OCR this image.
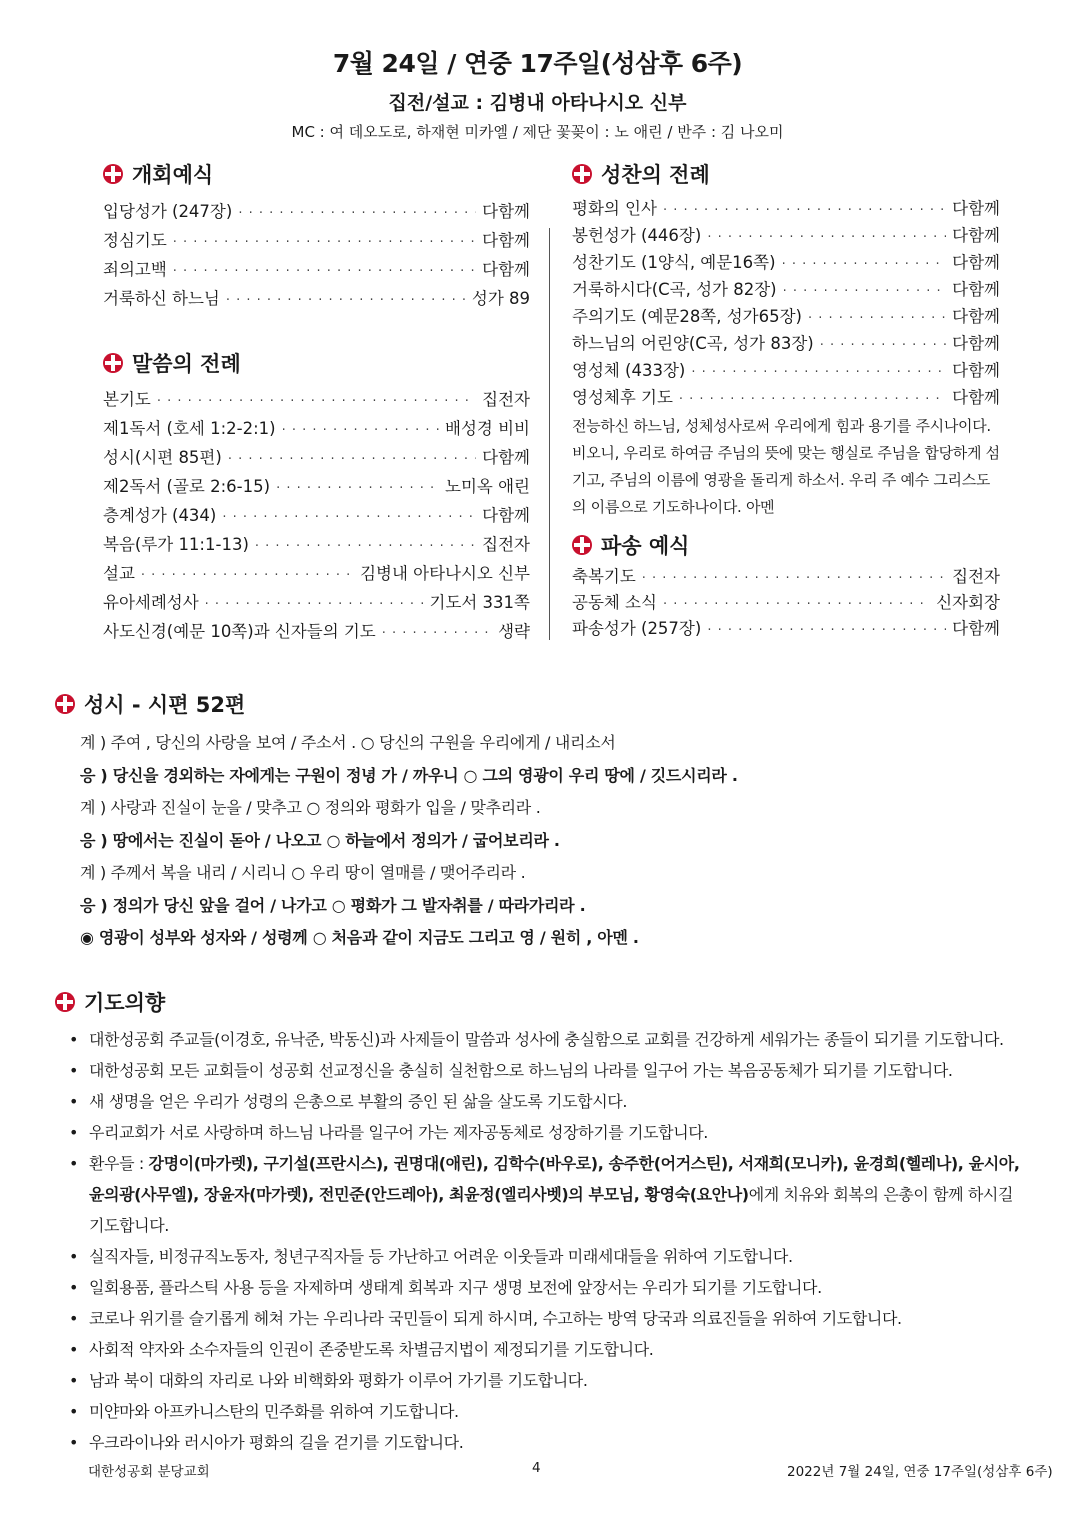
7월 24일 / 연중 17주일(성삼후 6주)
집전/설교 : 김병내 아타나시오 신부
MC : 여 데오도로, 하재현 미카엘 / 제단 꽃꽂이 : 노 애린 / 반주 : 김 나오미
개회예식
입당성가 (247장) · · ·	다함께
정심기도 · · ·	다함께
죄의고백 · · ·	다함께
거룩하신 하느님 · · ·	성가 89
말씀의 전례
본기도 · · ·	집전자
제1독서 (호세 1:2-2:1) · · ·	배성경 비비
성시(시편 85편) · · ·	다함께
제2독서 (골로 2:6-15) · · ·	노미옥 애린
층계성가 (434) · · ·	다함께
복음(루가 11:1-13) · · ·	집전자
설교 · · ·	김병내 아타나시오 신부
유아세례성사 · · ·	기도서 331쪽
사도신경(예문 10쪽)과 신자들의 기도 · · ·	생략
성찬의 전례
평화의 인사 · · ·	다함께
봉헌성가 (446장) · · ·	다함께
성찬기도 (1양식, 예문16쪽) · · ·	다함께
거룩하시다(C곡, 성가 82장) · · ·	다함께
주의기도 (예문28쪽, 성가65장) · · ·	다함께
하느님의 어린양(C곡, 성가 83장) · · ·	다함께
영성체 (433장) · · ·	다함께
영성체후 기도 · · ·	다함께
전능하신 하느님, 성체성사로써 우리에게 힘과 용기를 주시나이다. 비오니, 우리로 하여금 주님의 뜻에 맞는 행실로 주님을 합당하게 섬기고, 주님의 이름에 영광을 돌리게 하소서. 우리 주 예수 그리스도의 이름으로 기도하나이다. 아멘
파송 예식
축복기도 · · ·	집전자
공동체 소식 · · ·	신자회장
파송성가 (257장) · · ·	다함께
성시 - 시편 52편
계 ) 주여 , 당신의 사랑을 보여 / 주소서 . ○ 당신의 구원을 우리에게 / 내리소서
응 ) 당신을 경외하는 자에게는 구원이 정녕 가 / 까우니 ○ 그의 영광이 우리 땅에 / 깃드시리라 .
계 ) 사랑과 진실이 눈을 / 맞추고 ○ 정의와 평화가 입을 / 맞추리라 .
응 ) 땅에서는 진실이 돋아 / 나오고 ○ 하늘에서 정의가 / 굽어보리라 .
계 ) 주께서 복을 내리 / 시리니 ○ 우리 땅이 열매를 / 맺어주리라 .
응 ) 정의가 당신 앞을 걸어 / 나가고 ○ 평화가 그 발자취를 / 따라가리라 .
◉ 영광이 성부와 성자와 / 성령께 ○ 처음과 같이 지금도 그리고 영 / 원히 , 아멘 .
기도의향
• 대한성공회 주교들(이경호, 유낙준, 박동신)과 사제들이 말씀과 성사에 충실함으로 교회를 건강하게 세워가는 종들이 되기를 기도합니다.
• 대한성공회 모든 교회들이 성공회 선교정신을 충실히 실천함으로 하느님의 나라를 일구어 가는 복음공동체가 되기를 기도합니다.
• 새 생명을 얻은 우리가 성령의 은총으로 부활의 증인 된 삶을 살도록 기도합시다.
• 우리교회가 서로 사랑하며 하느님 나라를 일구어 가는 제자공동체로 성장하기를 기도합니다.
• 환우들 : 강명이(마가렛), 구기설(프란시스), 권명대(애린), 김학수(바우로), 송주한(어거스틴), 서재희(모니카), 윤경희(헬레나), 윤시아, 윤의광(사무엘), 장윤자(마가렛), 전민준(안드레아), 최윤정(엘리사벳)의 부모님, 황영숙(요안나)에게 치유와 회복의 은총이 함께 하시길 기도합니다.
• 실직자들, 비정규직노동자, 청년구직자들 등 가난하고 어려운 이웃들과 미래세대들을 위하여 기도합니다.
• 일회용품, 플라스틱 사용 등을 자제하며 생태계 회복과 지구 생명 보전에 앞장서는 우리가 되기를 기도합니다.
• 코로나 위기를 슬기롭게 헤쳐 가는 우리나라 국민들이 되게 하시며, 수고하는 방역 당국과 의료진들을 위하여 기도합니다.
• 사회적 약자와 소수자들의 인권이 존중받도록 차별금지법이 제정되기를 기도합니다.
• 남과 북이 대화의 자리로 나와 비핵화와 평화가 이루어 가기를 기도합니다.
• 미얀마와 아프카니스탄의 민주화를 위하여 기도합니다.
• 우크라이나와 러시아가 평화의 길을 걷기를 기도합니다.
대한성공회 분당교회	4	2022년 7월 24일, 연중 17주일(성삼후 6주)
